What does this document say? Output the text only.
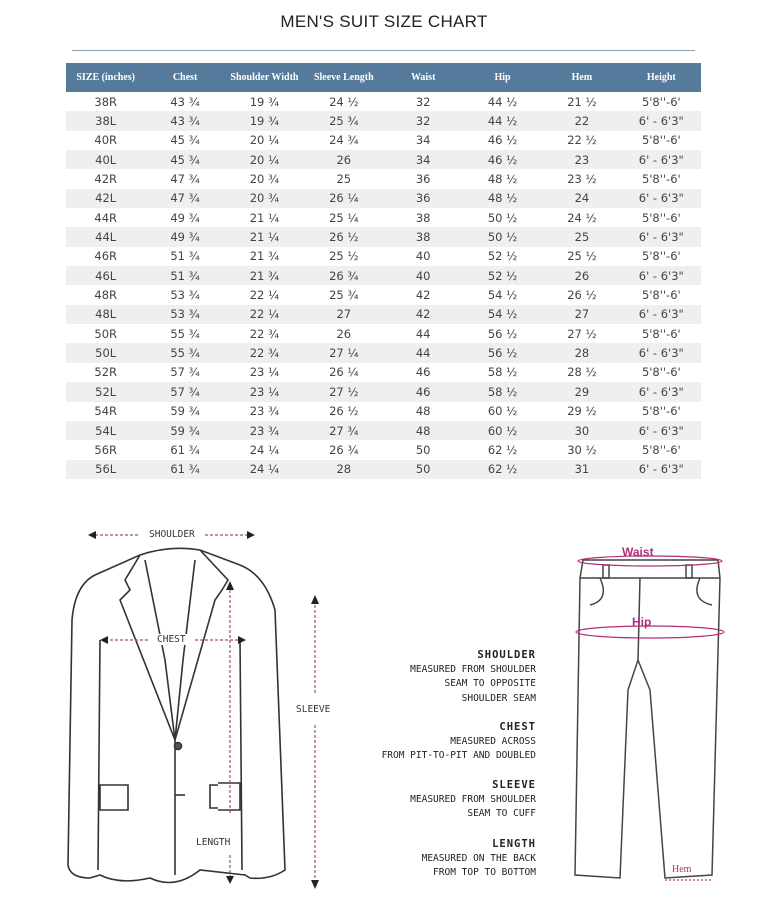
MEN'S SUIT SIZE CHART
SIZE (inches)	Chest	Shoulder Width	Sleeve Length	Waist	Hip	Hem	Height
38R	43 ¾	19 ¾	24 ½	32	44 ½	21 ½	5'8''-6'
38L	43 ¾	19 ¾	25 ¾	32	44 ½	22	6' - 6'3"
40R	45 ¾	20 ¼	24 ¾	34	46 ½	22 ½	5'8''-6'
40L	45 ¾	20 ¼	26	34	46 ½	23	6' - 6'3"
42R	47 ¾	20 ¾	25	36	48 ½	23 ½	5'8''-6'
42L	47 ¾	20 ¾	26 ¼	36	48 ½	24	6' - 6'3"
44R	49 ¾	21 ¼	25 ¼	38	50 ½	24 ½	5'8''-6'
44L	49 ¾	21 ¼	26 ½	38	50 ½	25	6' - 6'3"
46R	51 ¾	21 ¾	25 ½	40	52 ½	25 ½	5'8''-6'
46L	51 ¾	21 ¾	26 ¾	40	52 ½	26	6' - 6'3"
48R	53 ¾	22 ¼	25 ¾	42	54 ½	26 ½	5'8''-6'
48L	53 ¾	22 ¼	27	42	54 ½	27	6' - 6'3"
50R	55 ¾	22 ¾	26	44	56 ½	27 ½	5'8''-6'
50L	55 ¾	22 ¾	27 ¼	44	56 ½	28	6' - 6'3"
52R	57 ¾	23 ¼	26 ¼	46	58 ½	28 ½	5'8''-6'
52L	57 ¾	23 ¼	27 ½	46	58 ½	29	6' - 6'3"
54R	59 ¾	23 ¾	26 ½	48	60 ½	29 ½	5'8''-6'
54L	59 ¾	23 ¾	27 ¾	48	60 ½	30	6' - 6'3"
56R	61 ¾	24 ¼	26 ¾	50	62 ½	30 ½	5'8''-6'
56L	61 ¾	24 ¼	28	50	62 ½	31	6' - 6'3"
SHOULDER
CHEST
SLEEVE
LENGTH
SHOULDER
MEASURED FROM SHOULDER
SEAM TO OPPOSITE
SHOULDER SEAM
CHEST
MEASURED ACROSS
FROM PIT-TO-PIT AND DOUBLED
SLEEVE
MEASURED FROM SHOULDER
SEAM TO CUFF
LENGTH
MEASURED ON THE BACK
FROM TOP TO BOTTOM
Waist
Hip
Hem
